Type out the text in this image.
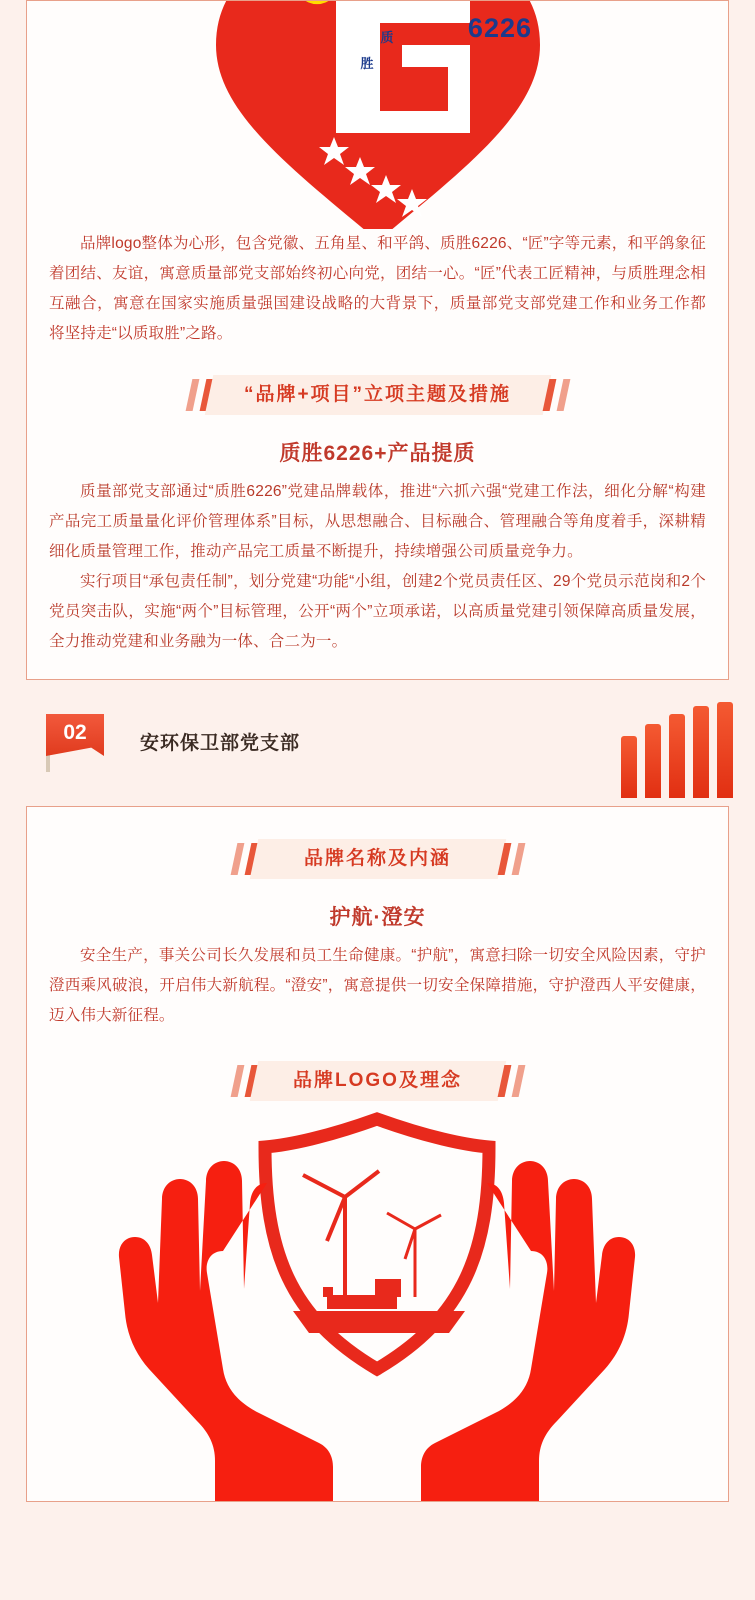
6226
质
胜

品牌logo整体为心形，包含党徽、五角星、和平鸽、质胜6226、“匠”字等元素，和平鸽象征着团结、友谊，寓意质量部党支部始终初心向党，团结一心。“匠”代表工匠精神，与质胜理念相互融合，寓意在国家实施质量强国建设战略的大背景下，质量部党支部党建工作和业务工作都将坚持走“以质取胜”之路。

“品牌+项目”立项主题及措施
质胜6226+产品提质

质量部党支部通过“质胜6226”党建品牌载体，推进“六抓六强“党建工作法，细化分解“构建产品完工质量量化评价管理体系”目标，从思想融合、目标融合、管理融合等角度着手，深耕精细化质量管理工作，推动产品完工质量不断提升，持续增强公司质量竞争力。

实行项目“承包责任制”，划分党建“功能“小组，创建2个党员责任区、29个党员示范岗和2个党员突击队，实施“两个”目标管理，公开“两个”立项承诺，以高质量党建引领保障高质量发展，全力推动党建和业务融为一体、合二为一。

02	安环保卫部党支部
品牌名称及内涵
护航·澄安

安全生产，事关公司长久发展和员工生命健康。“护航”，寓意扫除一切安全风险因素，守护澄西乘风破浪，开启伟大新航程。“澄安”，寓意提供一切安全保障措施，守护澄西人平安健康，迈入伟大新征程。

品牌LOGO及理念
